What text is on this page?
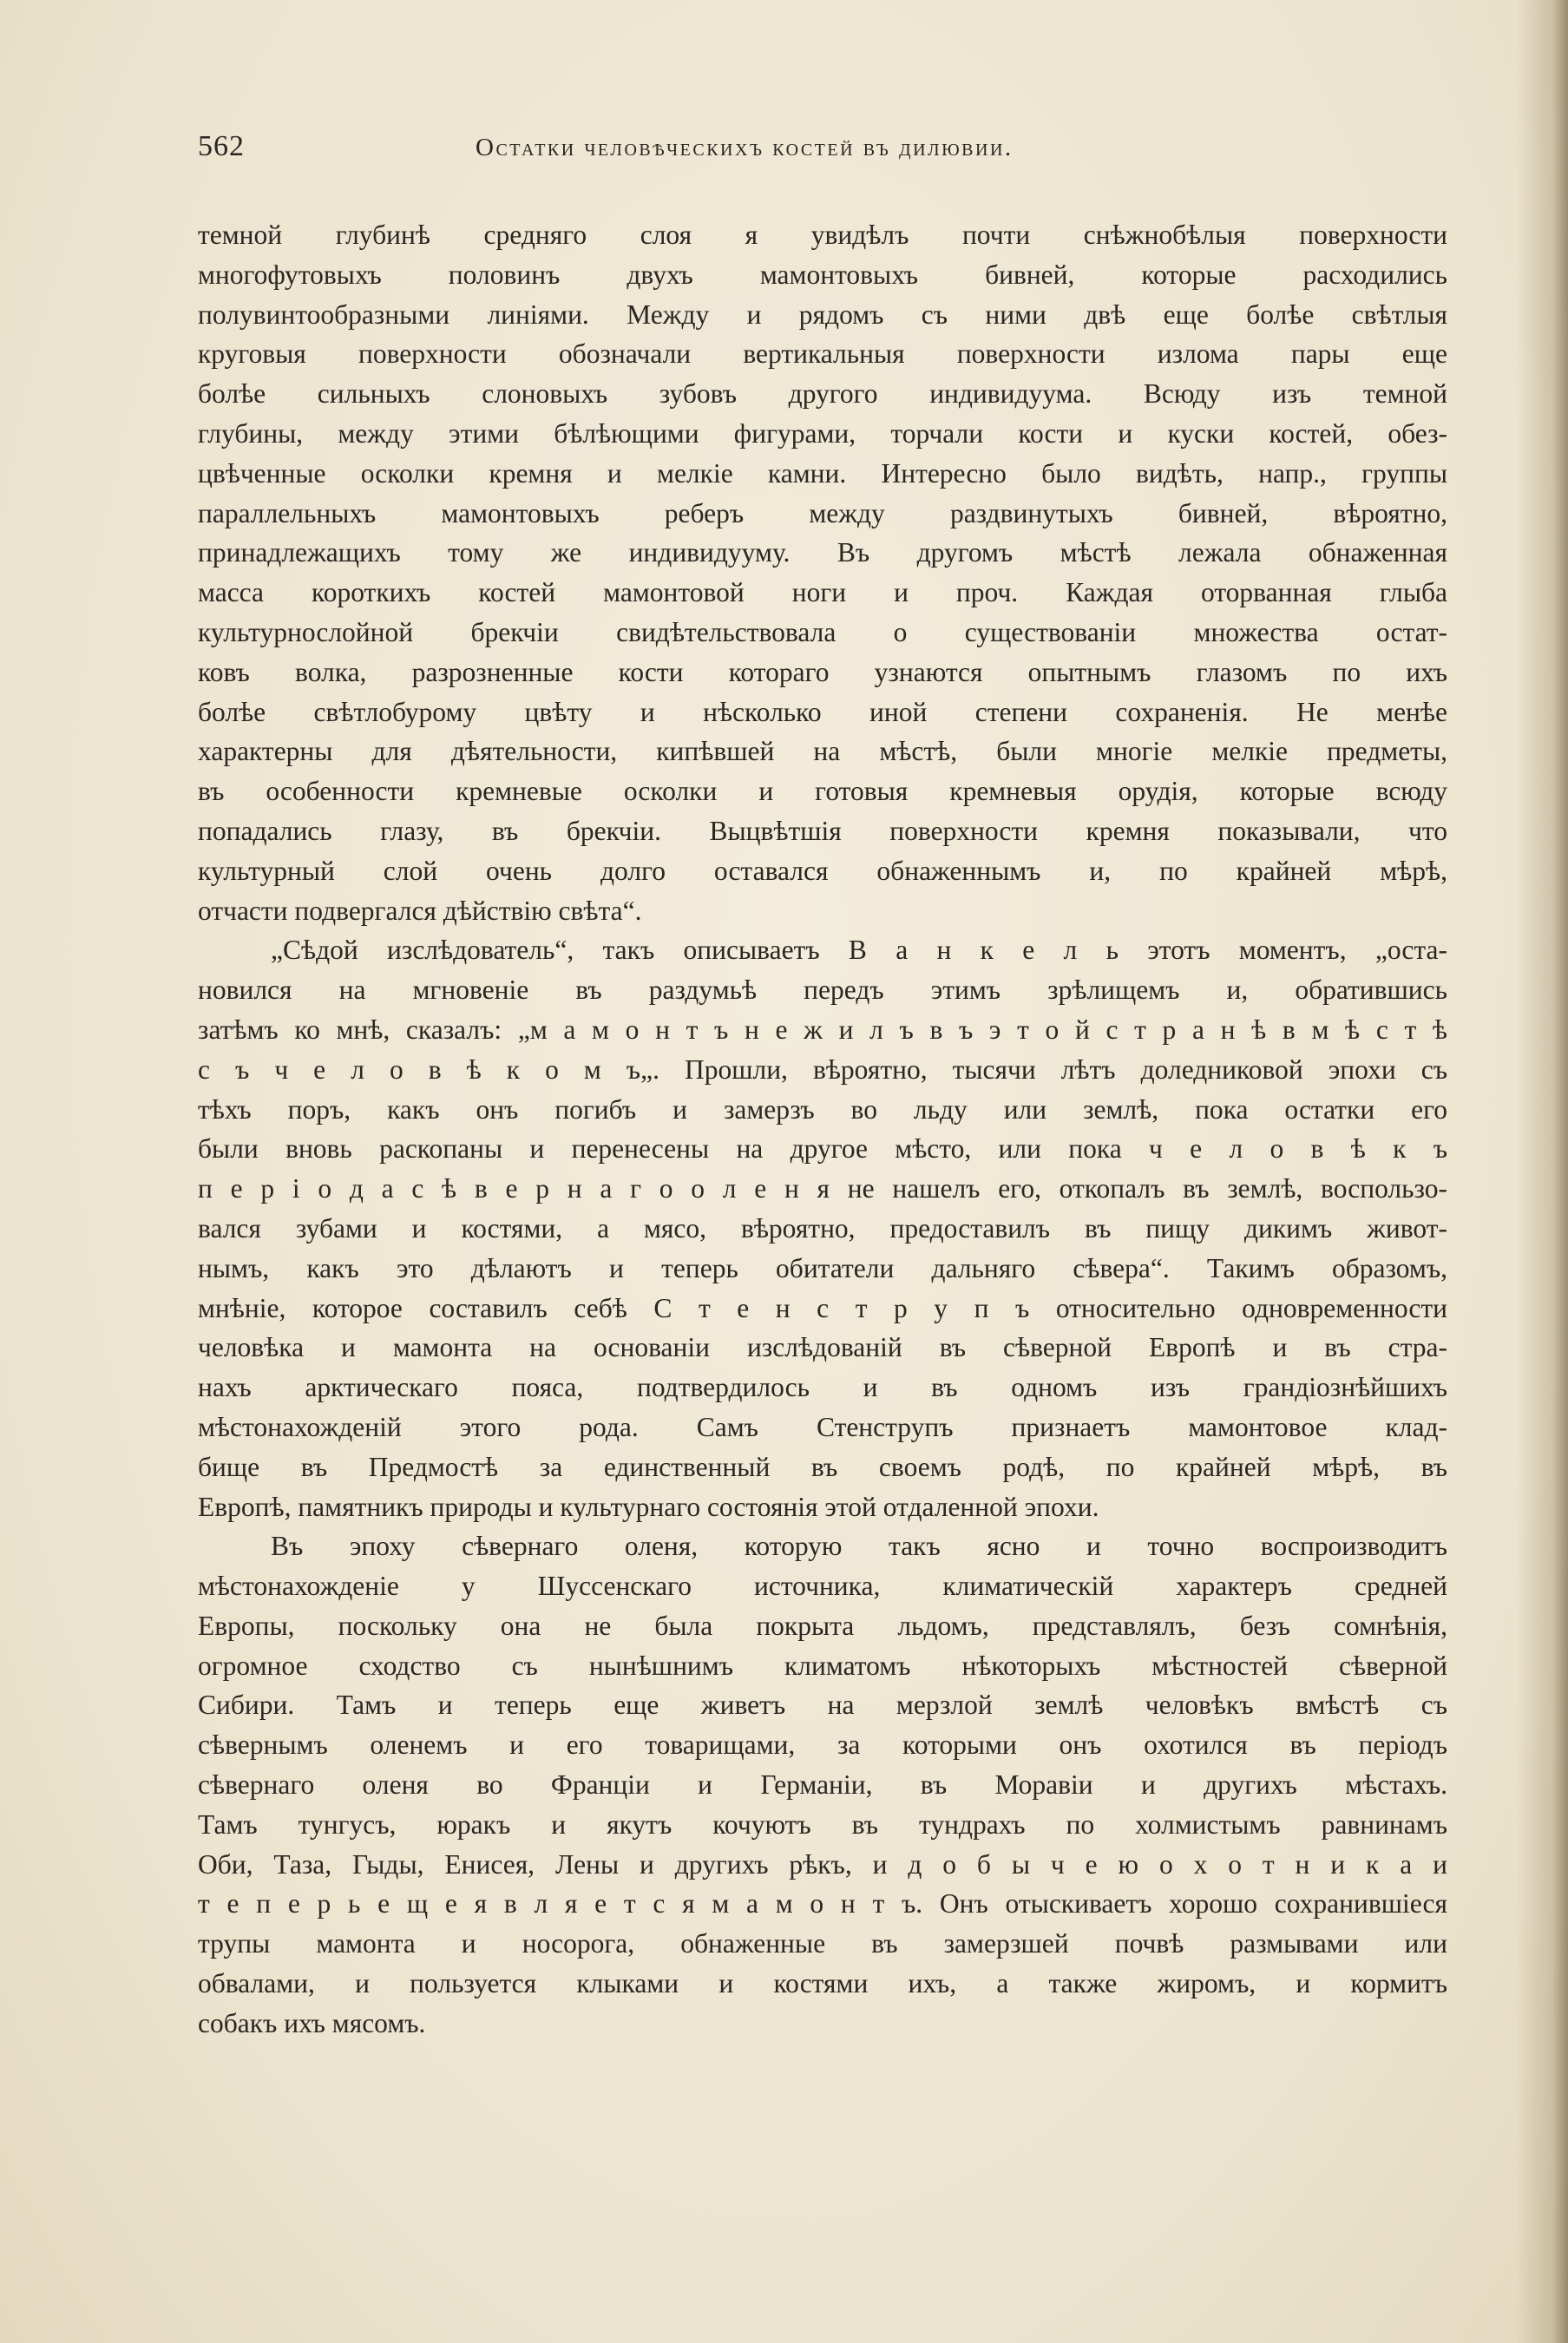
562	Остатки человѣческихъ костей въ дилювии.
темной глубинѣ средняго слоя я увидѣлъ почти снѣжнобѣлыя поверхности
многофутовыхъ половинъ двухъ мамонтовыхъ бивней, которые расходились
полувинтообразными линіями. Между и рядомъ съ ними двѣ еще болѣе свѣтлыя
круговыя поверхности обозначали вертикальныя поверхности излома пары еще
болѣе сильныхъ слоновыхъ зубовъ другого индивидуума. Всюду изъ темной
глубины, между этими бѣлѣющими фигурами, торчали кости и куски костей, обез-
цвѣченные осколки кремня и мелкіе камни. Интересно было видѣть, напр., группы
параллельныхъ мамонтовыхъ реберъ между раздвинутыхъ бивней, вѣроятно,
принадлежащихъ тому же индивидууму. Въ другомъ мѣстѣ лежала обнаженная
масса короткихъ костей мамонтовой ноги и проч. Каждая оторванная глыба
культурнослойной брекчіи свидѣтельствовала о существованіи множества остат-
ковъ волка, разрозненные кости котораго узнаются опытнымъ глазомъ по ихъ
болѣе свѣтлобурому цвѣту и нѣсколько иной степени сохраненія. Не менѣе
характерны для дѣятельности, кипѣвшей на мѣстѣ, были многіе мелкіе предметы,
въ особенности кремневые осколки и готовыя кремневыя орудія, которые всюду
попадались глазу, въ брекчіи. Выцвѣтшія поверхности кремня показывали, что
культурный слой очень долго оставался обнаженнымъ и, по крайней мѣрѣ,
отчасти подвергался дѣйствію свѣта“.
„Сѣдой изслѣдователь“, такъ описываетъ В а н к е л ь этотъ моментъ, „оста-
новился на мгновеніе въ раздумьѣ передъ этимъ зрѣлищемъ и, обратившись
затѣмъ ко мнѣ, сказалъ: „м а м о н т ъ н е ж и л ъ в ъ э т о й с т р а н ѣ в м ѣ с т ѣ
с ъ ч е л о в ѣ к о м ъ„. Прошли, вѣроятно, тысячи лѣтъ доледниковой эпохи съ
тѣхъ поръ, какъ онъ погибъ и замерзъ во льду или землѣ, пока остатки его
были вновь раскопаны и перенесены на другое мѣсто, или пока ч е л о в ѣ к ъ
п е р і о д а с ѣ в е р н а г о о л е н я не нашелъ его, откопалъ въ землѣ, воспользо-
вался зубами и костями, а мясо, вѣроятно, предоставилъ въ пищу дикимъ живот-
нымъ, какъ это дѣлаютъ и теперь обитатели дальняго сѣвера“. Такимъ образомъ,
мнѣніе, которое составилъ себѣ С т е н с т р у п ъ относительно одновременности
человѣка и мамонта на основаніи изслѣдованій въ сѣверной Европѣ и въ стра-
нахъ арктическаго пояса, подтвердилось и въ одномъ изъ грандіознѣйшихъ
мѣстонахожденій этого рода. Самъ Стенструпъ признаетъ мамонтовое клад-
бище въ Предмостѣ за единственный въ своемъ родѣ, по крайней мѣрѣ, въ
Европѣ, памятникъ природы и культурнаго состоянія этой отдаленной эпохи.
Въ эпоху сѣвернаго оленя, которую такъ ясно и точно воспроизводитъ
мѣстонахожденіе у Шуссенскаго источника, климатическій характеръ средней
Европы, поскольку она не была покрыта льдомъ, представлялъ, безъ сомнѣнія,
огромное сходство съ нынѣшнимъ климатомъ нѣкоторыхъ мѣстностей сѣверной
Сибири. Тамъ и теперь еще живетъ на мерзлой землѣ человѣкъ вмѣстѣ съ
сѣвернымъ оленемъ и его товарищами, за которыми онъ охотился въ періодъ
сѣвернаго оленя во Франціи и Германіи, въ Моравіи и другихъ мѣстахъ.
Тамъ тунгусъ, юракъ и якутъ кочуютъ въ тундрахъ по холмистымъ равнинамъ
Оби, Таза, Гыды, Енисея, Лены и другихъ рѣкъ, и д о б ы ч е ю о х о т н и к а и
т е п е р ь е щ е я в л я е т с я м а м о н т ъ. Онъ отыскиваетъ хорошо сохранившіеся
трупы мамонта и носорога, обнаженные въ замерзшей почвѣ размывами или
обвалами, и пользуется клыками и костями ихъ, а также жиромъ, и кормитъ
собакъ ихъ мясомъ.
